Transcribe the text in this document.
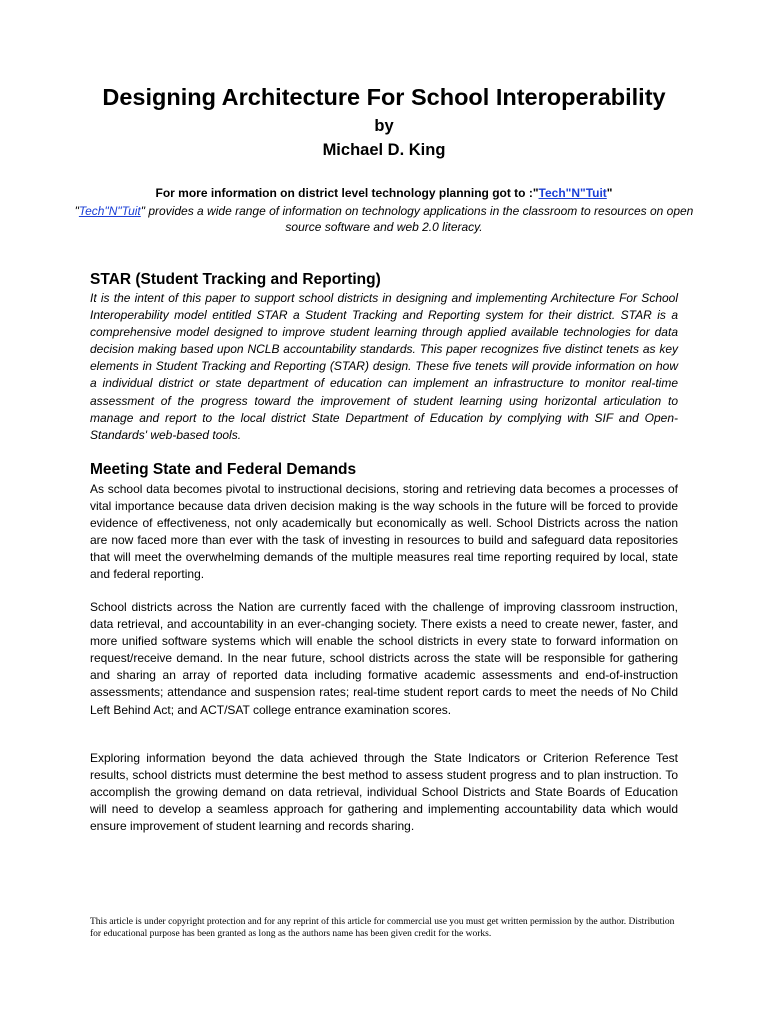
Designing Architecture For School Interoperability
by
Michael D. King
For more information on district level technology planning got to :"Tech"N"Tuit"
"Tech"N"Tuit" provides a wide range of information on technology applications in the classroom to resources on open source software and web 2.0 literacy.
STAR (Student Tracking and Reporting)
It is the intent of this paper to support school districts in designing and implementing Architecture For School Interoperability model entitled STAR a Student Tracking and Reporting system for their district. STAR is a comprehensive model designed to improve student learning through applied available technologies for data decision making based upon NCLB accountability standards. This paper recognizes five distinct tenets as key elements in Student Tracking and Reporting (STAR) design. These five tenets will provide information on how a individual district or state department of education can implement an infrastructure to monitor real-time assessment of the progress toward the improvement of student learning using horizontal articulation to manage and report to the local district State Department of Education by complying with SIF and Open-Standards' web-based tools.
Meeting State and Federal Demands
As school data becomes pivotal to instructional decisions, storing and retrieving data becomes a processes of vital importance because data driven decision making is the way schools in the future will be forced to provide evidence of effectiveness, not only academically but economically as well. School Districts across the nation are now faced more than ever with the task of investing in resources to build and safeguard data repositories that will meet the overwhelming demands of the multiple measures real time reporting required by local, state and federal reporting.
School districts across the Nation are currently faced with the challenge of improving classroom instruction, data retrieval, and accountability in an ever-changing society. There exists a need to create newer, faster, and more unified software systems which will enable the school districts in every state to forward information on request/receive demand. In the near future, school districts across the state will be responsible for gathering and sharing an array of reported data including formative academic assessments and end-of-instruction assessments; attendance and suspension rates; real-time student report cards to meet the needs of No Child Left Behind Act; and ACT/SAT college entrance examination scores.
Exploring information beyond the data achieved through the State Indicators or Criterion Reference Test results, school districts must determine the best method to assess student progress and to plan instruction. To accomplish the growing demand on data retrieval, individual School Districts and State Boards of Education will need to develop a seamless approach for gathering and implementing accountability data which would ensure improvement of student learning and records sharing.
This article is under copyright protection and for any reprint of this article for commercial use you must get written permission by the author. Distribution for educational purpose has been granted as long as the authors name has been given credit for the works.
